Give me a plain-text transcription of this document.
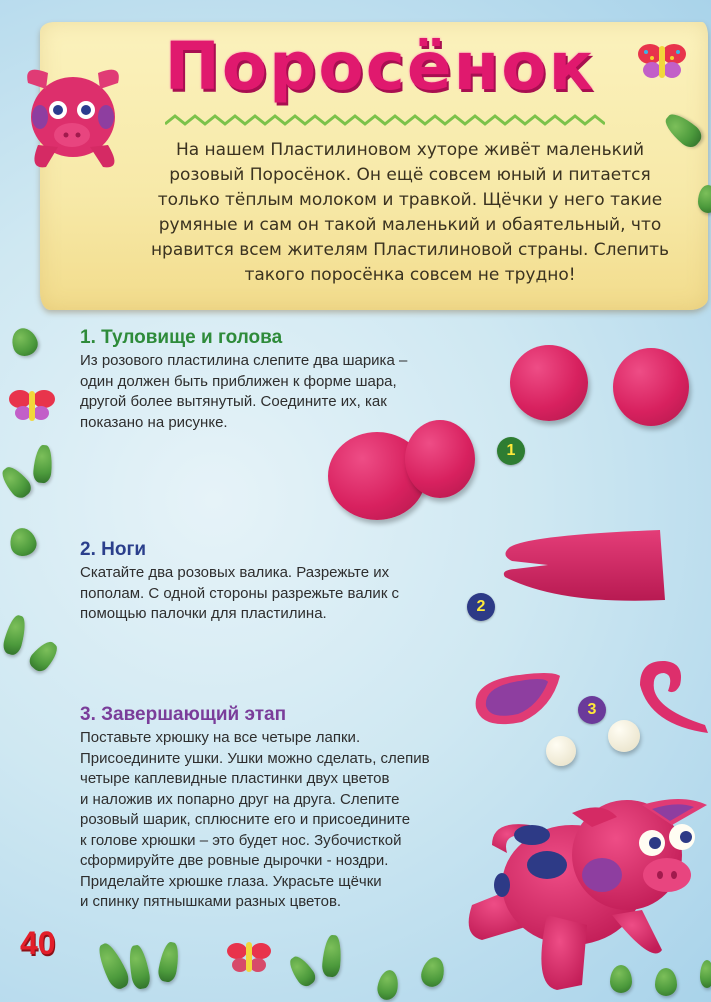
Поросёнок
На нашем Пластилиновом хуторе живёт маленький
розовый Поросёнок. Он ещё совсем юный и питается
только тёплым молоком и травкой. Щёчки у него такие
румяные и сам он такой маленький и обаятельный, что
нравится всем жителям Пластилиновой страны. Слепить
такого поросёнка совсем не трудно!
1. Туловище и голова
Из розового пластилина слепите два шарика –
один должен быть приближен к форме шара,
другой более вытянутый. Соедините их, как
показано на рисунке.
1
2. Ноги
Скатайте два розовых валика. Разрежьте их
пополам. С одной стороны разрежьте валик с
помощью палочки для пластилина.	2
3. Завершающий этап
Поставьте хрюшку на все четыре лапки.
Присоедините ушки. Ушки можно сделать, слепив
четыре каплевидные пластинки двух цветов
и наложив их попарно друг на друга. Слепите
розовый шарик, сплюсните его и присоедините
к голове хрюшки – это будет нос. Зубочисткой
сформируйте две ровные дырочки - ноздри.
Приделайте хрюшке глаза. Украсьте щёчки
и спинку пятнышками разных цветов.
3
40
